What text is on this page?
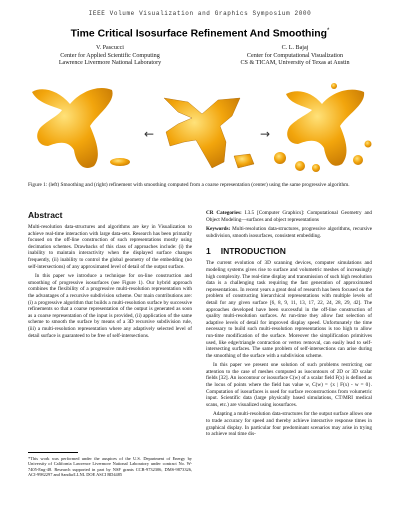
IEEE Volume Visualization and Graphics Symposium 2000
Time Critical Isosurface Refinement And Smoothing*
V. Pascucci
Center for Applied Scientific Computing
Lawrence Livermore National Laboratory
C. L. Bajaj
Center for Computational Visualization
CS & TICAM, University of Texas at Austin
←	→
Figure 1: (left) Smoothing and (right) refinement with smoothing computed from a coarse representation (center) using the same progressive algorithm.
Abstract

Multi-resolution data-structures and algorithms are key in Visualization to achieve real-time interaction with large data-sets. Research has been primarily focused on the off-line construction of such representations mostly using decimation schemes. Drawbacks of this class of approaches include: (i) the inability to maintain interactivity when the displayed surface changes frequently, (ii) inability to control the global geometry of the embedding (no self-intersections) of any approximated level of detail of the output surface.

In this paper we introduce a technique for on-line construction and smoothing of progressive isosurfaces (see Figure 1). Our hybrid approach combines the flexibility of a progressive multi-resolution representation with the advantages of a recursive subdivision scheme. Our main contributions are: (i) a progressive algorithm that builds a multi-resolution surface by successive refinements so that a coarse representation of the output is generated as soon as a coarse representation of the input is provided, (ii) application of the same scheme to smooth the surface by means of a 3D recursive subdivision rule, (iii) a multi-resolution representation where any adaptively selected level of detail surface is guaranteed to be free of self-intersections.

*This work was performed under the auspices of the U.S. Department of Energy by University of California Lawrence Livermore National Laboratory under contract No. W-7405-Eng-48. Research supported in part by NSF grants CCR-9732306, DMS-9873326, ACI-9982297 and Sandia/LLNL DOE ASCI BD4485

CR Categories: I.3.5 [Computer Graphics]: Computational Geometry and Object Modeling—surfaces and object representations

Keywords: Multi-resolution data-structures, progressive algorithms, recursive subdivision, smooth isosurfaces, consistent embedding.

1 INTRODUCTION

The current evolution of 3D scanning devices, computer simulations and modeling systems gives rise to surface and volumetric meshes of increasingly high complexity. The real-time display and transmission of such high resolution data is a challenging task requiring the fast generation of approximated representations. In recent years a great deal of research has been focused on the problem of constructing hierarchical representations with multiple levels of detail for any given surface [6, 8, 9, 11, 13, 17, 22, 24, 28, 29, 42]. The approaches developed have been successful in the off-line construction of quality multi-resolution surfaces. At run-time they allow fast selection of adaptive levels of detail for improved display speed. Unfortunately the time necessary to build such multi-resolution representations is too high to allow run-time modification of the surface. Moreover the simplification primitives used, like edge/triangle contraction or vertex removal, can easily lead to self-intersecting surfaces. The same problem of self-intersections can arise during the smoothing of the surface with a subdivision scheme.

In this paper we present one solution of such problems restricting our attention to the case of meshes computed as isocontours of 2D or 3D scalar fields [32]. An isocontour or isosurface C(w) of a scalar field F(x) is defined as the locus of points where the field has value w, C(w) = {x | F(x) - w = 0}. Computation of isosurfaces is used for surface reconstructions from volumetric input. Scientific data (large physically based simulations, CT/MRI medical scans, etc.) are visualized using isosurfaces.

Adapting a multi-resolution data-structures for the output surface allows one to trade accuracy for speed and thereby achieve interactive response times in graphical display. In particular four predominant scenarios may arise in trying to achieve real time dis-
